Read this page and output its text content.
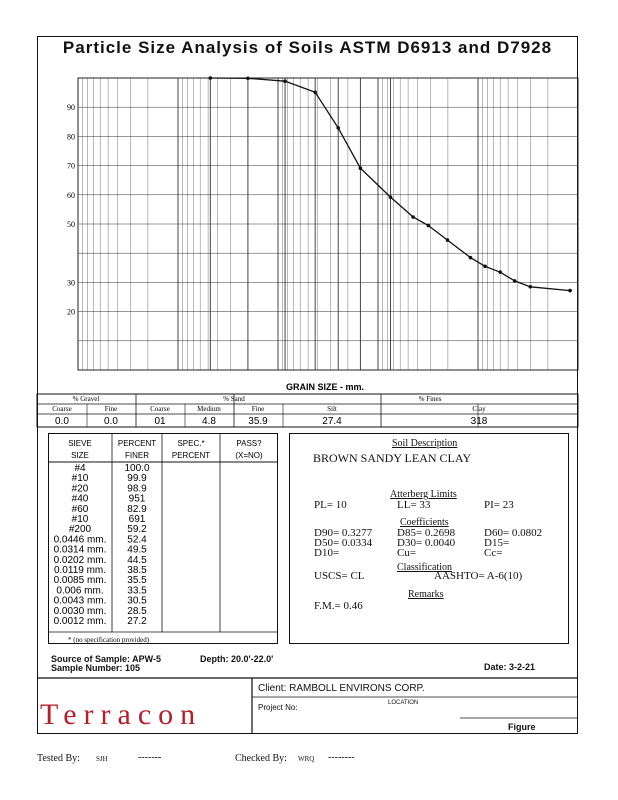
Particle Size Analysis of Soils ASTM D6913 and D7928
20
30
50
60
70
80
90
GRAIN SIZE - mm.
% Gravel	% Sand	% Fines
Coarse	Fine	Coarse	Medium	Fine	Silt	Clay
0.0	0.0	01	4.8	35.9	27.4	318
SIEVE	PERCENT	SPEC.*	PASS?
SIZE	FINER	PERCENT	(X=NO)
#4	100.0
#10	99.9
#20	98.9
#40	951
#60	82.9
#10	691
#200	59.2
0.0446 mm. 52.4
0.0314 mm. 49.5
0.0202 mm. 44.5
0.0119 mm. 38.5
0.0085 mm. 35.5
0.006 mm. 33.5
0.0043 mm. 30.5
0.0030 mm. 28.5
0.0012 mm. 27.2
* (no specification provided)
Soil Description
BROWN SANDY LEAN CLAY
Atterberg Limits
PL= 10	LL= 33	PI= 23
Coefficients
D90= 0.3277 D85= 0.2698	D60= 0.0802
D50= 0.0334 D30= 0.0040	D15=
D10=	Cu=	Cc=
Classification
USCS= CL	AASHTO= A-6(10)
Remarks
F.M.= 0.46
Source of Sample: APW-5	Depth: 20.0'-22.0'
Sample Number: 105	Date: 3-2-21
Terracon
Client: RAMBOLL ENVIRONS CORP.
Project No:	LOCATION
Figure
Tested By: SJH	-------	Checked By: WRQ --------
